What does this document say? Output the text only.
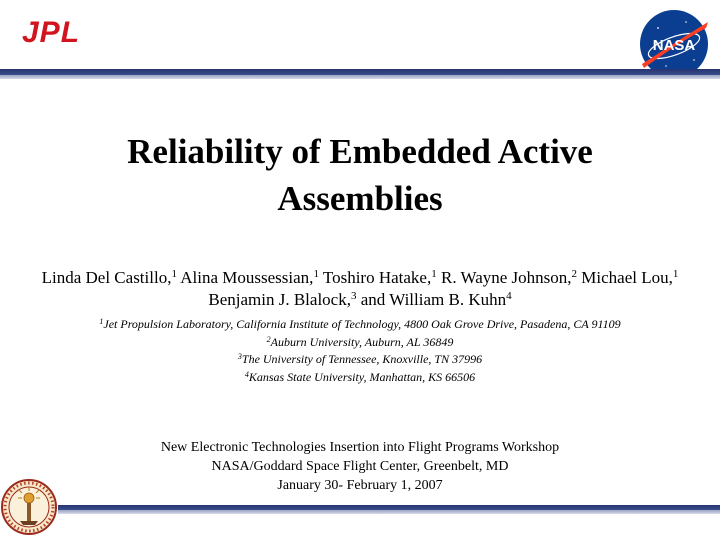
JPL	NASA
Reliability of Embedded Active
Assemblies
Linda Del Castillo,$^1$ Alina Moussessian,$^1$ Toshiro Hatake,$^1$ R. Wayne Johnson,$^2$ Michael Lou,$^1$
Benjamin J. Blalock,$^3$ and William B. Kuhn$^4$
$^1$Jet Propulsion Laboratory, California Institute of Technology, 4800 Oak Grove Drive, Pasadena, CA 91109
$^2$Auburn University, Auburn, AL 36849
$^3$The University of Tennessee, Knoxville, TN 37996
$^4$Kansas State University, Manhattan, KS 66506
New Electronic Technologies Insertion into Flight Programs Workshop
NASA/Goddard Space Flight Center, Greenbelt, MD
January 30- February 1, 2007
